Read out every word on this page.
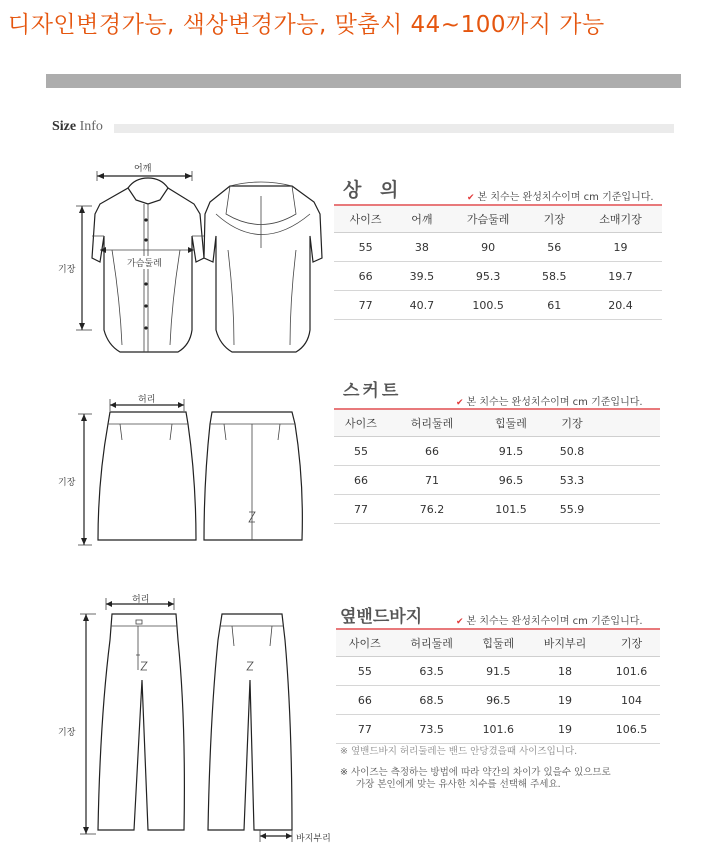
디자인변경가능, 색상변경가능, 맞춤시 44~100까지 가능
Size Info
어깨
기장
가슴둘레
상 의	✔ 본 치수는 완성치수이며 cm 기준입니다.
사이즈	어깨	가슴둘레	기장	소매기장
55	38	90	56	19
66	39.5	95.3	58.5	19.7
77	40.7	100.5	61	20.4
허리
기장
스커트
✔ 본 치수는 완성치수이며 cm 기준입니다.
사이즈	허리둘레	힙둘레	기장	
55	66	91.5	50.8	
66	71	96.5	53.3	
77	76.2	101.5	55.9	
허리
기장
바지부리
옆밴드바지	✔ 본 치수는 완성치수이며 cm 기준입니다.
사이즈	허리둘레	힙둘레	바지부리	기장
55	63.5	91.5	18	101.6
66	68.5	96.5	19	104
77	73.5	101.6	19	106.5
※ 옆밴드바지 허리둘레는 밴드 안당겼을때 사이즈입니다.
※ 사이즈는 측정하는 방법에 따라 약간의 차이가 있을수 있으므로
가장 본인에게 맞는 유사한 치수를 선택해 주세요.
